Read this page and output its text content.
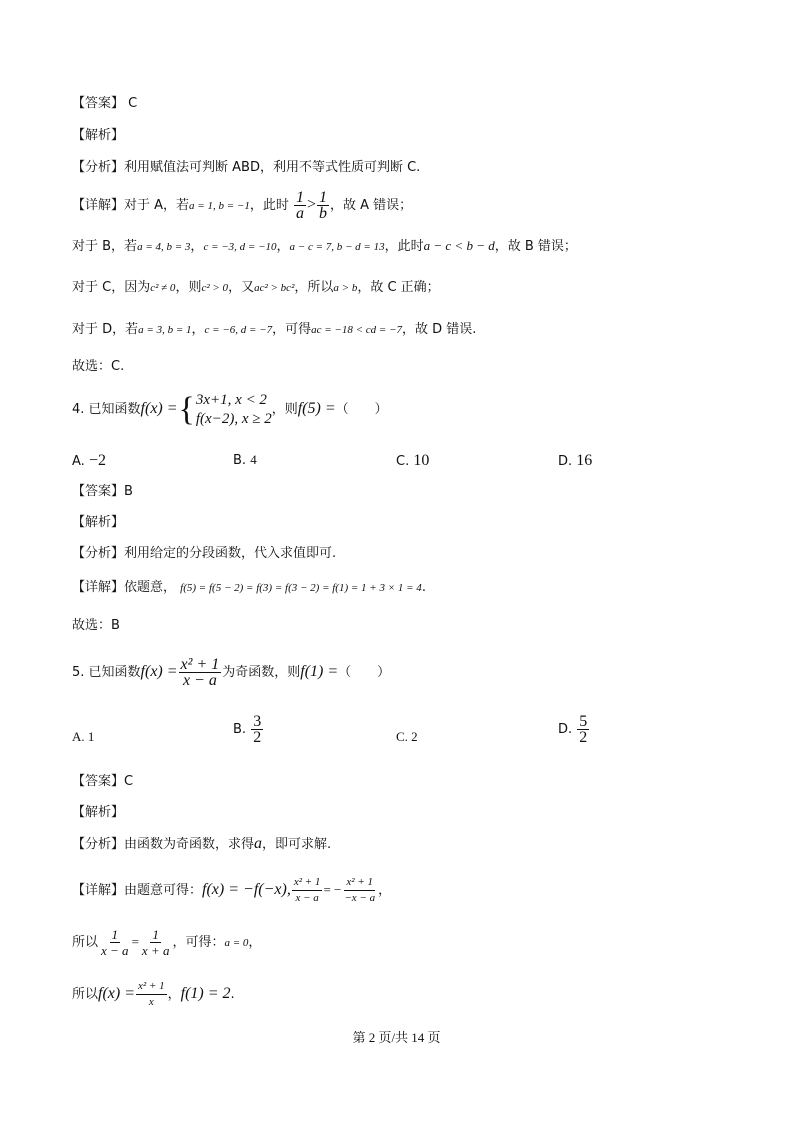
【答案】 C
【解析】
【分析】利用赋值法可判断 ABD，利用不等式性质可判断 C.
【详解】对于 A，若a = 1, b = −1，此时 $\frac{1}{a} > \frac{1}{b}$ ，故 A 错误；
对于 B，若a = 4, b = 3，c = −3, d = −10，a − c = 7, b − d = 13，此时a − c < b − d，故 B 错误；
对于 C，因为c² ≠ 0，则c² > 0，又ac² > bc²，所以a > b，故 C 正确；
对于 D，若a = 3, b = 1，c = −6, d = −7，可得ac = −18 < cd = −7，故 D 错误.
故选：C.
4. 已知函数f(x) ={ 3x+1, x < 2
f(x−2), x ≥ 2
，则f(5) =（　　）
A. −2	B. 4	C. 10	D. 16
【答案】B
【解析】
【分析】利用给定的分段函数，代入求值即可.
【详解】依题意， f(5) = f(5 − 2) = f(3) = f(3 − 2) = f(1) = 1 + 3 × 1 = 4.
故选：B
5. 已知函数$f(x) = \frac{\text{x² + 1}}{x - a}$ 为奇函数，则f(1) =（　　）
A. 1	B. $\frac{3}{2}$	C. 2	D. $\frac{5}{2}$
【答案】C
【解析】
【分析】由函数为奇函数，求得a，即可求解.
【详解】由题意可得：f(x) = −f(−x), $\frac{\text{x² + 1}}{x - a}$ = − $\frac{\text{x² + 1}}{-x - a}$ ，
所以 $\frac{1}{x - a} = \frac{1}{x + a}$ ，可得：a = 0，
所以$f(x) = \frac{\text{x² + 1}}{x}$ ，f(1) = 2.
第 2 页/共 14 页
